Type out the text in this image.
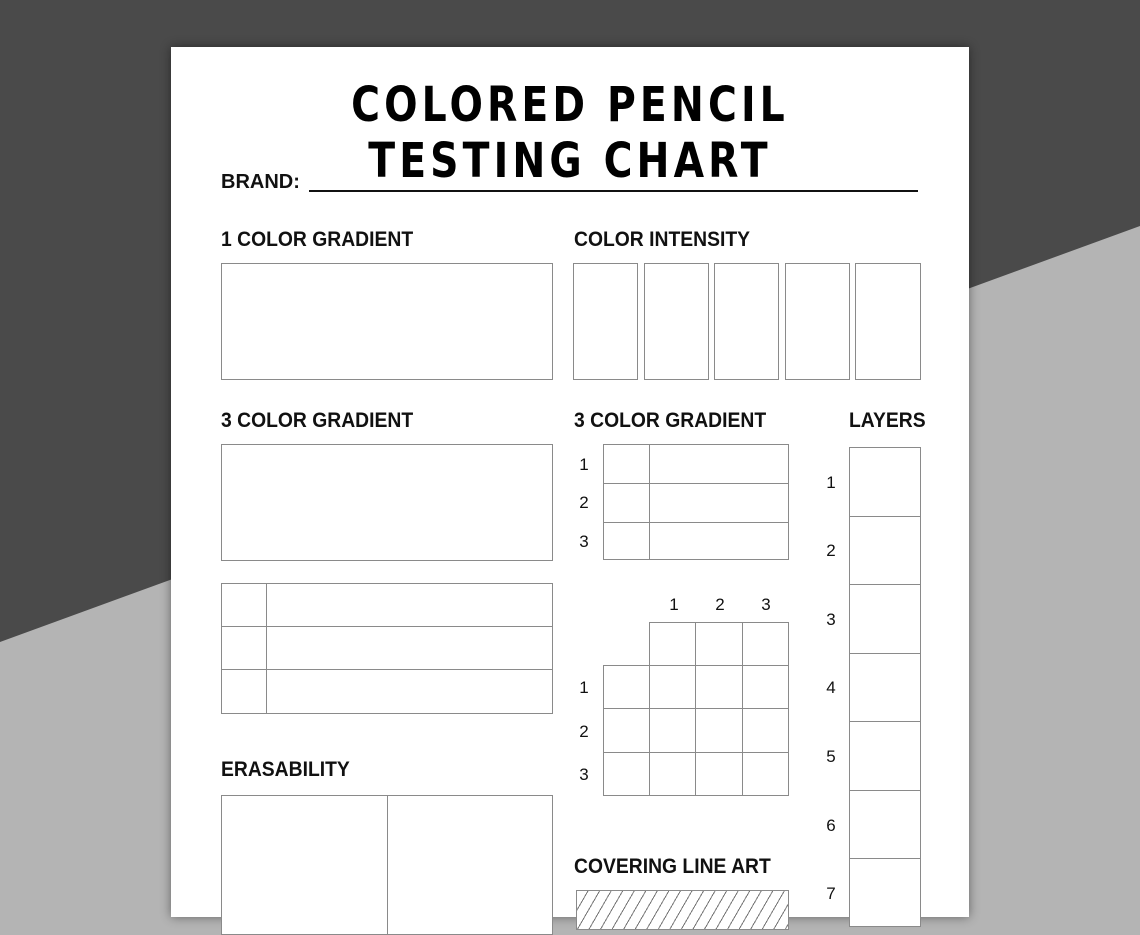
COLORED PENCIL TESTING CHART
BRAND:
1 COLOR GRADIENT	COLOR INTENSITY
3 COLOR GRADIENT
ERASABILITY
3 COLOR GRADIENT
1
2
3
1	2	3
1
2
3
COVERING LINE ART
LAYERS
1
2
3
4
5
6
7
